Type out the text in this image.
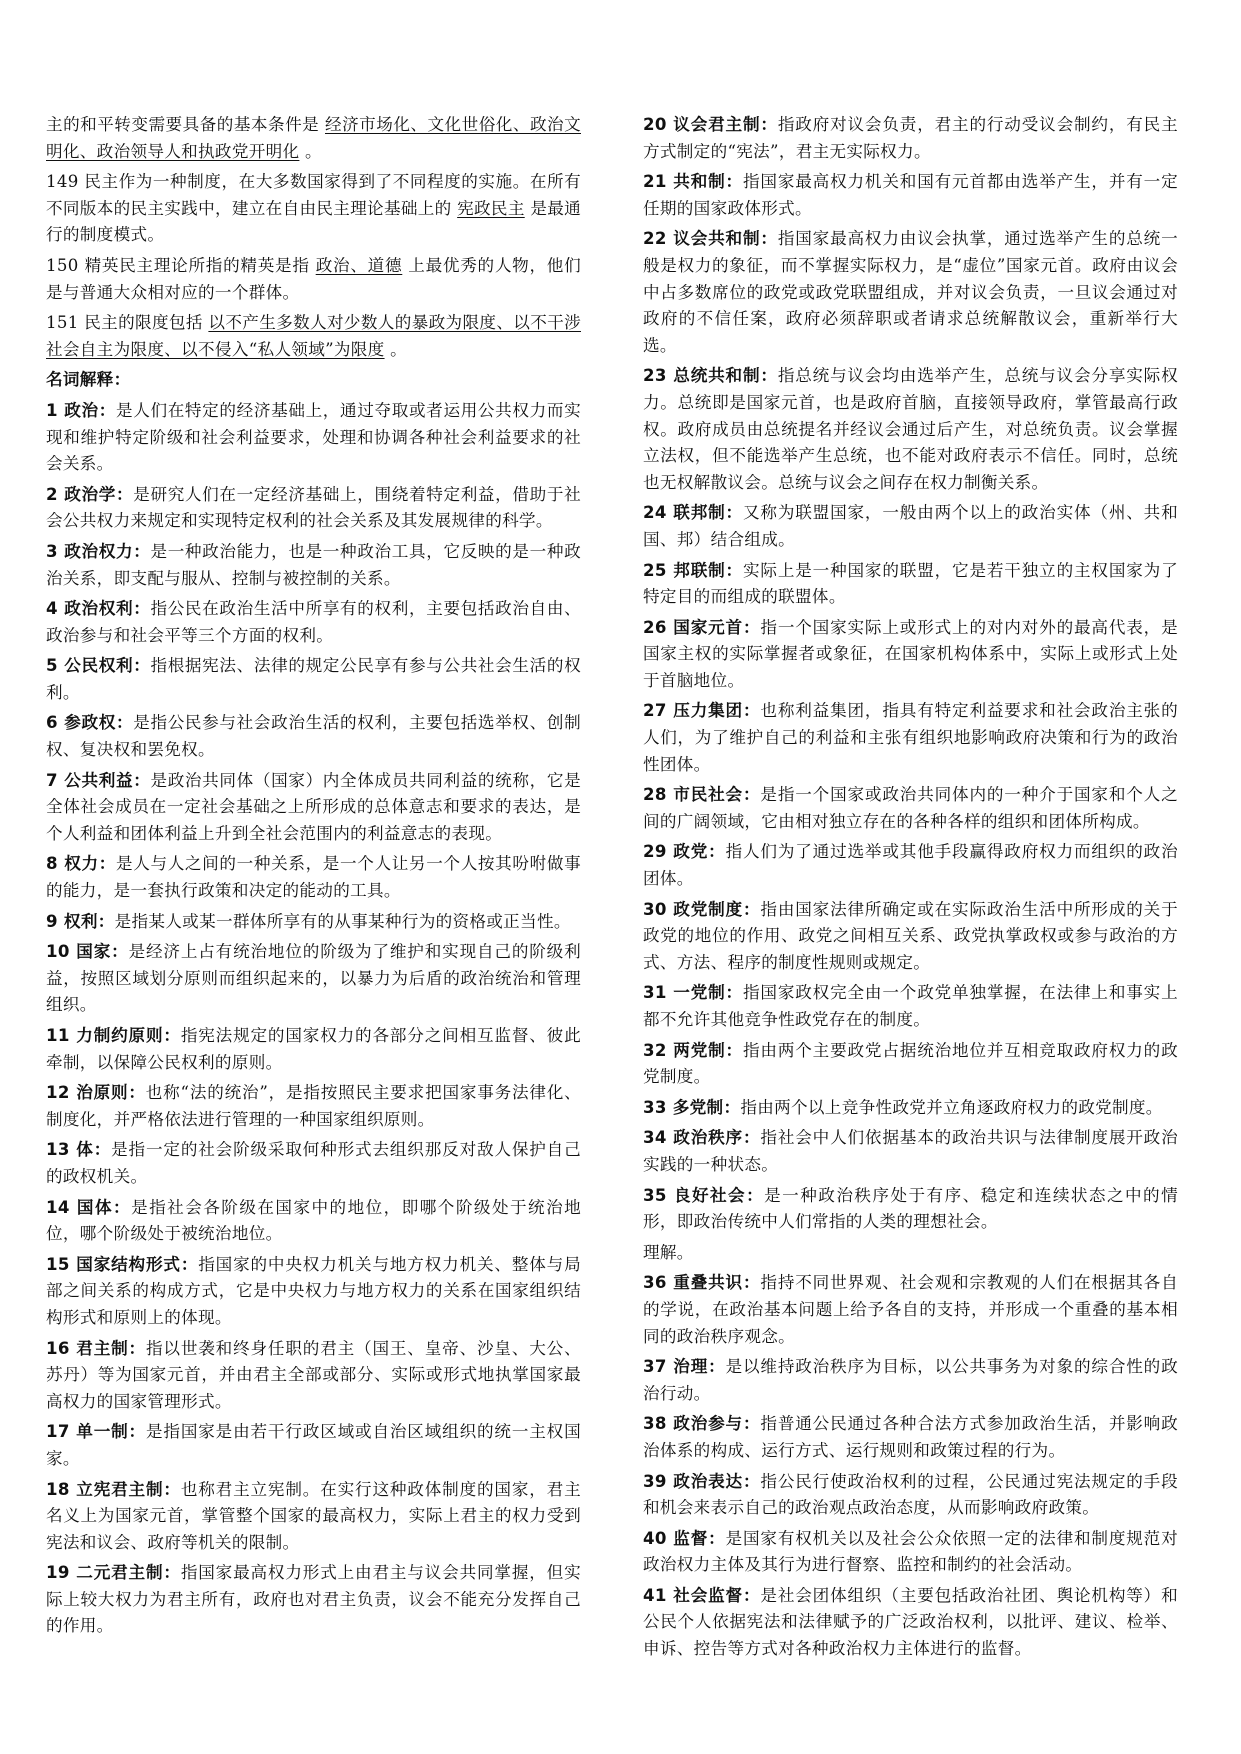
主的和平转变需要具备的基本条件是 经济市场化、文化世俗化、政治文明化、政治领导人和执政党开明化 。

149 民主作为一种制度，在大多数国家得到了不同程度的实施。在所有不同版本的民主实践中，建立在自由民主理论基础上的 宪政民主 是最通行的制度模式。

150 精英民主理论所指的精英是指 政治、道德 上最优秀的人物，他们是与普通大众相对应的一个群体。

151 民主的限度包括 以不产生多数人对少数人的暴政为限度、以不干涉社会自主为限度、以不侵入“私人领域”为限度 。

名词解释：

1 政治：是人们在特定的经济基础上，通过夺取或者运用公共权力而实现和维护特定阶级和社会利益要求，处理和协调各种社会利益要求的社会关系。

2 政治学：是研究人们在一定经济基础上，围绕着特定利益，借助于社会公共权力来规定和实现特定权利的社会关系及其发展规律的科学。

3 政治权力：是一种政治能力，也是一种政治工具，它反映的是一种政治关系，即支配与服从、控制与被控制的关系。

4 政治权利：指公民在政治生活中所享有的权利，主要包括政治自由、政治参与和社会平等三个方面的权利。

5 公民权利：指根据宪法、法律的规定公民享有参与公共社会生活的权利。

6 参政权：是指公民参与社会政治生活的权利，主要包括选举权、创制权、复决权和罢免权。

7 公共利益：是政治共同体（国家）内全体成员共同利益的统称，它是全体社会成员在一定社会基础之上所形成的总体意志和要求的表达，是个人利益和团体利益上升到全社会范围内的利益意志的表现。

8 权力：是人与人之间的一种关系，是一个人让另一个人按其吩咐做事的能力，是一套执行政策和决定的能动的工具。

9 权利：是指某人或某一群体所享有的从事某种行为的资格或正当性。

10 国家：是经济上占有统治地位的阶级为了维护和实现自己的阶级利益，按照区域划分原则而组织起来的，以暴力为后盾的政治统治和管理组织。

11 力制约原则：指宪法规定的国家权力的各部分之间相互监督、彼此牵制，以保障公民权利的原则。

12 治原则：也称“法的统治”，是指按照民主要求把国家事务法律化、制度化，并严格依法进行管理的一种国家组织原则。

13 体：是指一定的社会阶级采取何种形式去组织那反对敌人保护自己的政权机关。

14 国体：是指社会各阶级在国家中的地位，即哪个阶级处于统治地位，哪个阶级处于被统治地位。

15 国家结构形式：指国家的中央权力机关与地方权力机关、整体与局部之间关系的构成方式，它是中央权力与地方权力的关系在国家组织结构形式和原则上的体现。

16 君主制：指以世袭和终身任职的君主（国王、皇帝、沙皇、大公、苏丹）等为国家元首，并由君主全部或部分、实际或形式地执掌国家最高权力的国家管理形式。

17 单一制：是指国家是由若干行政区域或自治区域组织的统一主权国家。

18 立宪君主制：也称君主立宪制。在实行这种政体制度的国家，君主名义上为国家元首，掌管整个国家的最高权力，实际上君主的权力受到宪法和议会、政府等机关的限制。

19 二元君主制：指国家最高权力形式上由君主与议会共同掌握，但实际上较大权力为君主所有，政府也对君主负责，议会不能充分发挥自己的作用。

20 议会君主制：指政府对议会负责，君主的行动受议会制约，有民主方式制定的“宪法”，君主无实际权力。

21 共和制：指国家最高权力机关和国有元首都由选举产生，并有一定任期的国家政体形式。

22 议会共和制：指国家最高权力由议会执掌，通过选举产生的总统一般是权力的象征，而不掌握实际权力，是“虚位”国家元首。政府由议会中占多数席位的政党或政党联盟组成，并对议会负责，一旦议会通过对政府的不信任案，政府必须辞职或者请求总统解散议会，重新举行大选。

23 总统共和制：指总统与议会均由选举产生，总统与议会分享实际权力。总统即是国家元首，也是政府首脑，直接领导政府，掌管最高行政权。政府成员由总统提名并经议会通过后产生，对总统负责。议会掌握立法权，但不能选举产生总统，也不能对政府表示不信任。同时，总统也无权解散议会。总统与议会之间存在权力制衡关系。

24 联邦制：又称为联盟国家，一般由两个以上的政治实体（州、共和国、邦）结合组成。

25 邦联制：实际上是一种国家的联盟，它是若干独立的主权国家为了特定目的而组成的联盟体。

26 国家元首：指一个国家实际上或形式上的对内对外的最高代表，是国家主权的实际掌握者或象征，在国家机构体系中，实际上或形式上处于首脑地位。

27 压力集团：也称利益集团，指具有特定利益要求和社会政治主张的人们，为了维护自己的利益和主张有组织地影响政府决策和行为的政治性团体。

28 市民社会：是指一个国家或政治共同体内的一种介于国家和个人之间的广阔领域，它由相对独立存在的各种各样的组织和团体所构成。

29 政党：指人们为了通过选举或其他手段赢得政府权力而组织的政治团体。

30 政党制度：指由国家法律所确定或在实际政治生活中所形成的关于政党的地位的作用、政党之间相互关系、政党执掌政权或参与政治的方式、方法、程序的制度性规则或规定。

31 一党制：指国家政权完全由一个政党单独掌握，在法律上和事实上都不允许其他竞争性政党存在的制度。

32 两党制：指由两个主要政党占据统治地位并互相竞取政府权力的政党制度。

33 多党制：指由两个以上竞争性政党并立角逐政府权力的政党制度。

34 政治秩序：指社会中人们依据基本的政治共识与法律制度展开政治实践的一种状态。

35 良好社会：是一种政治秩序处于有序、稳定和连续状态之中的情形，即政治传统中人们常指的人类的理想社会。

理解。

36 重叠共识：指持不同世界观、社会观和宗教观的人们在根据其各自的学说，在政治基本问题上给予各自的支持，并形成一个重叠的基本相同的政治秩序观念。

37 治理：是以维持政治秩序为目标，以公共事务为对象的综合性的政治行动。

38 政治参与：指普通公民通过各种合法方式参加政治生活，并影响政治体系的构成、运行方式、运行规则和政策过程的行为。

39 政治表达：指公民行使政治权利的过程，公民通过宪法规定的手段和机会来表示自己的政治观点政治态度，从而影响政府政策。

40 监督：是国家有权机关以及社会公众依照一定的法律和制度规范对政治权力主体及其行为进行督察、监控和制约的社会活动。

41 社会监督：是社会团体组织（主要包括政治社团、舆论机构等）和公民个人依据宪法和法律赋予的广泛政治权利，以批评、建议、检举、申诉、控告等方式对各种政治权力主体进行的监督。
